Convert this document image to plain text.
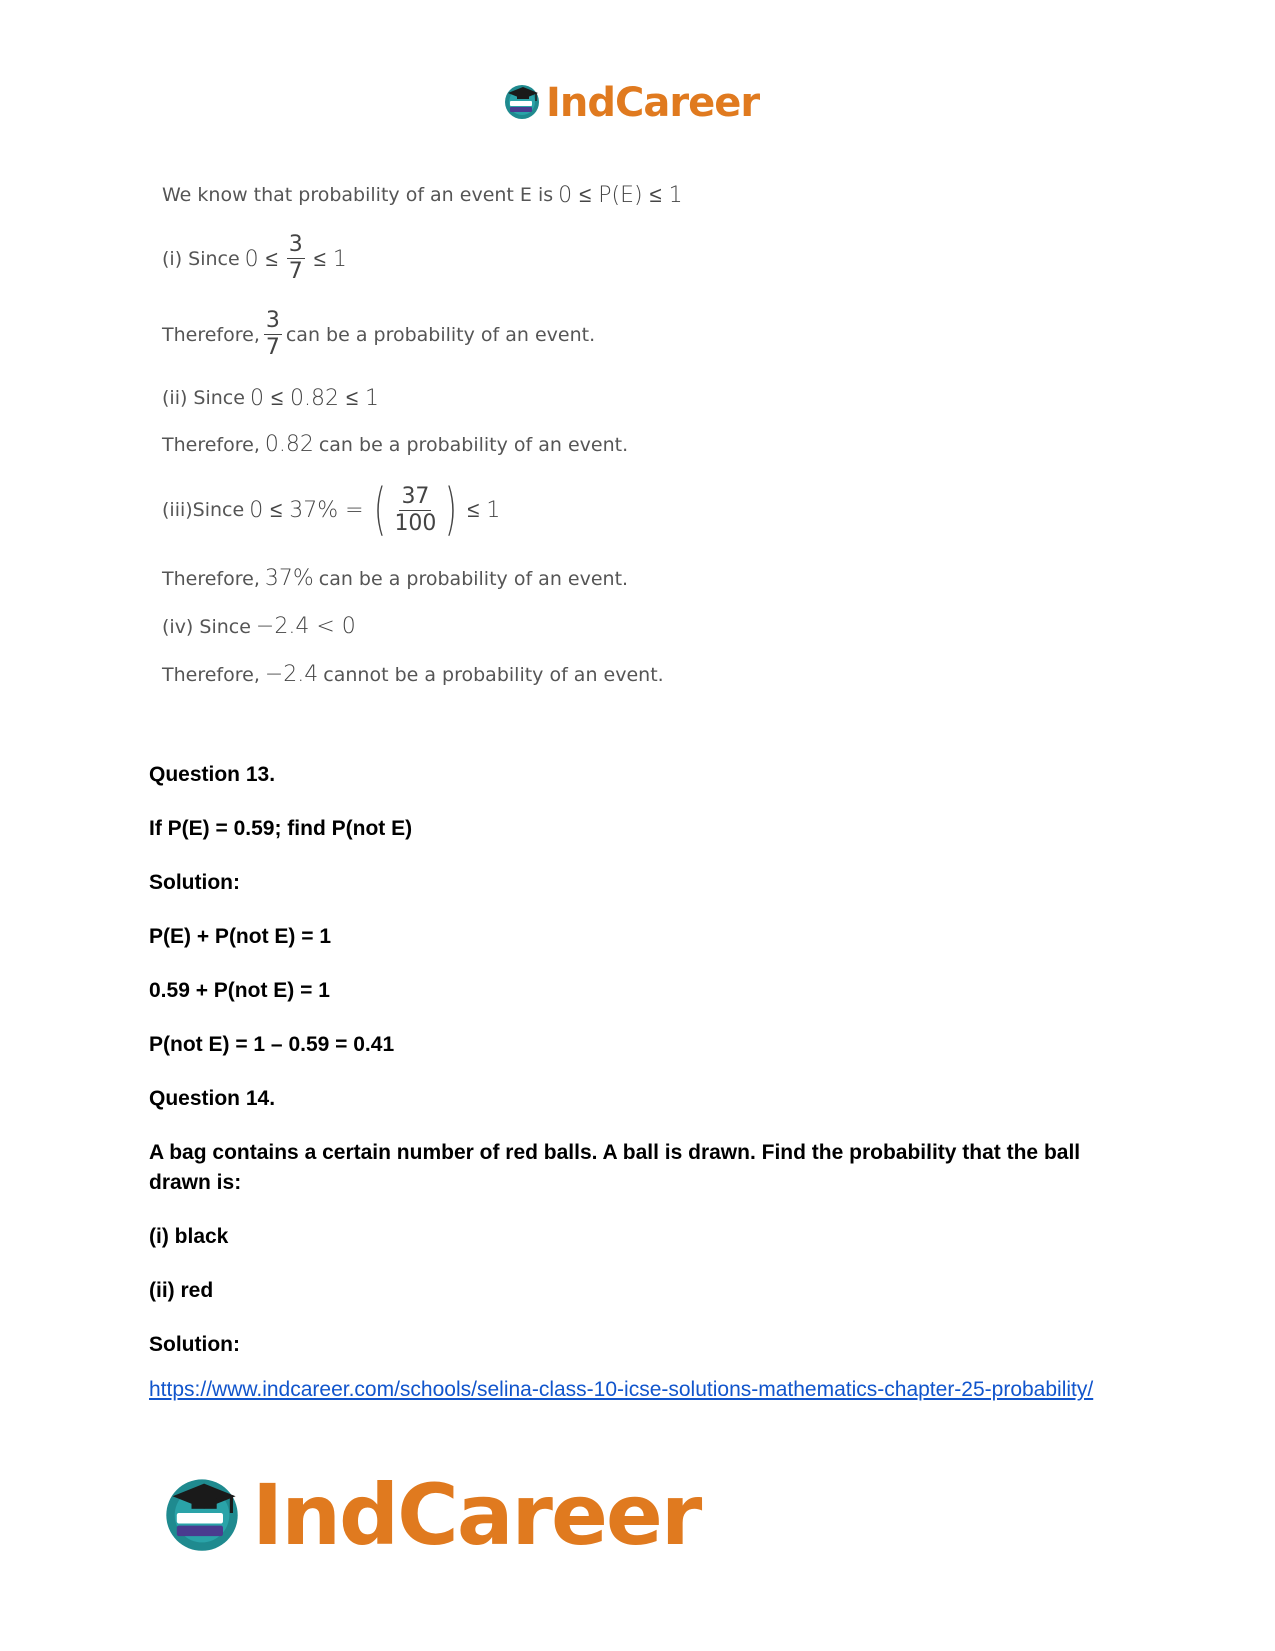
IndCareer
We know that probability of an event E is 0 ≤ P(E) ≤ 1
(i) Since $0 \le \frac{3}{7} \le 1$
Therefore, $\frac{3}{7}$ can be a probability of an event.
(ii) Since 0 ≤ 0.82 ≤ 1
Therefore, 0.82 can be a probability of an event.
(iii)Since 0 ≤ 37% = ( $\frac{37}{100}$ ) ≤ 1
Therefore, 37% can be a probability of an event.
(iv) Since −2.4 < 0
Therefore, −2.4 cannot be a probability of an event.
Question 13.
If P(E) = 0.59; find P(not E)
Solution:
P(E) + P(not E) = 1
0.59 + P(not E) = 1
P(not E) = 1 – 0.59 = 0.41
Question 14.
A bag contains a certain number of red balls. A ball is drawn. Find the probability that the ball drawn is:
(i) black
(ii) red
Solution:
https://www.indcareer.com/schools/selina-class-10-icse-solutions-mathematics-chapter-25-probability/
IndCareer
